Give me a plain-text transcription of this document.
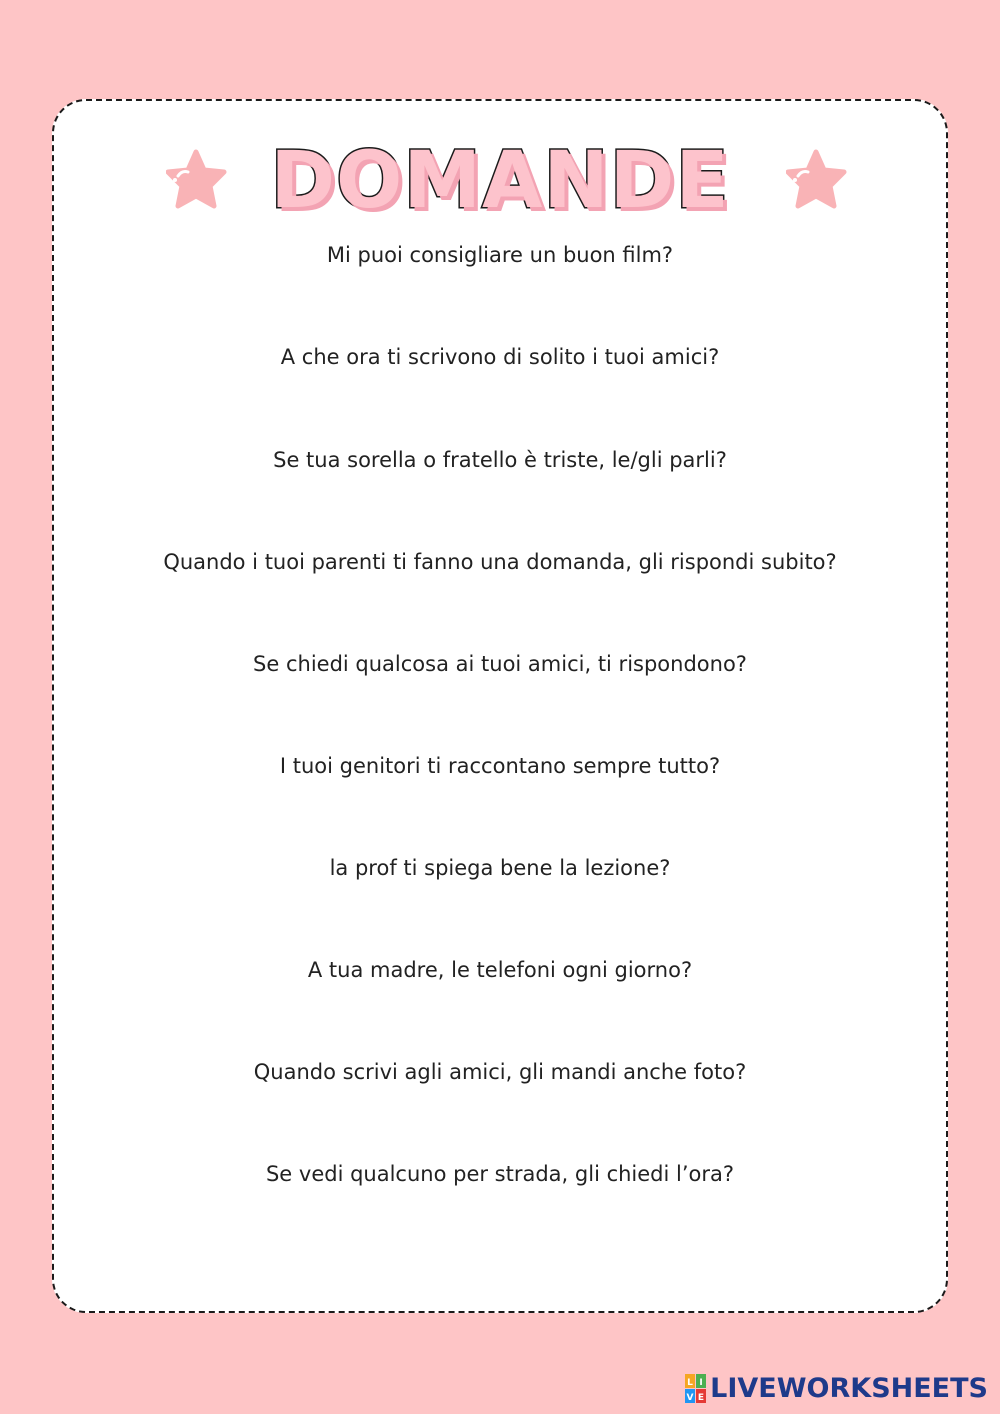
DOMANDE
Mi puoi consigliare un buon film?
A che ora ti scrivono di solito i tuoi amici?
Se tua sorella o fratello è triste, le/gli parli?
Quando i tuoi parenti ti fanno una domanda, gli rispondi subito?
Se chiedi qualcosa ai tuoi amici, ti rispondono?
I tuoi genitori ti raccontano sempre tutto?
la prof ti spiega bene la lezione?
A tua madre, le telefoni ogni giorno?
Quando scrivi agli amici, gli mandi anche foto?
Se vedi qualcuno per strada, gli chiedi l’ora?
L I
V E LIVEWORKSHEETS
